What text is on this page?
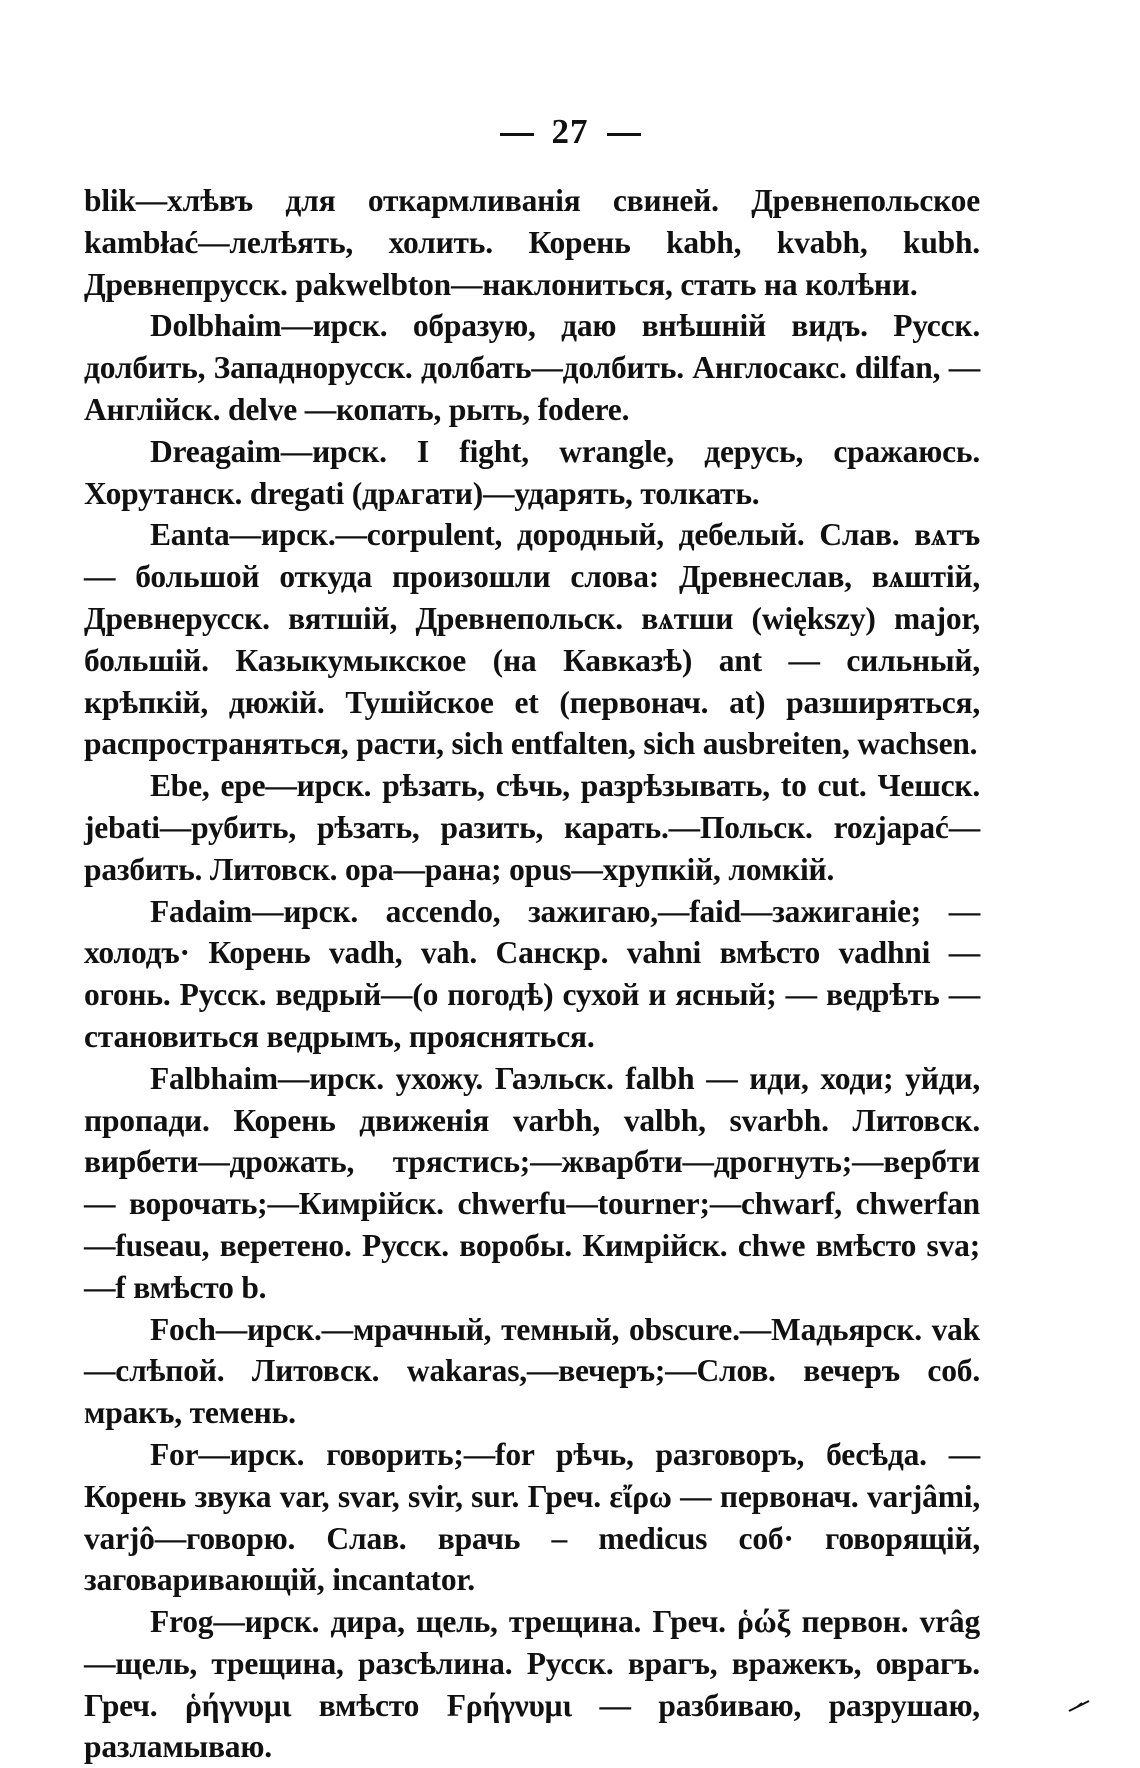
27

blik—хлѣвъ для откармливанія свиней. Древнепольское kambłać—лелѣять, холить. Корень kabh, kvabh, kubh. Древнепрусск. pakwelbton—наклониться, стать на колѣни.

Dolbhaim—ирск. образую, даю внѣшній видъ. Русск. долбить, Западнорусск. долбать—долбить. Англосакс. dilfan, — Англійск. delve —копать, рыть, fodere.

Dreagaim—ирск. I fight, wrangle, дерусь, сражаюсь. Хорутанск. dregati (дрѧгати)—ударять, толкать.

Eanta—ирск.—corpulent, дородный, дебелый. Слав. вѧтъ — большой откуда произошли слова: Древнеслав, вѧштій, Древнерусск. вятшій, Древнепольск. вѧтши (większy) major, большій. Казыкумыкское (на Кавказѣ) ant — сильный, крѣпкій, дюжій. Тушійское et (первонач. at) разширяться, распространяться, расти, sich entfalten, sich ausbreiten, wachsen.

Ebe, epe—ирск. рѣзать, сѣчь, разрѣзывать, to cut. Чешск. jebati—рубить, рѣзать, разить, карать.—Польск. rozjapać—разбить. Литовск. opa—рана; opus—хрупкій, ломкій.

Fadaim—ирск. accendo, зажигаю,—faid—зажиганіе; — холодъ· Корень vadh, vah. Санскр. vahni вмѣсто vadhni — огонь. Русск. ведрый—(о погодѣ) сухой и ясный; — ведрѣть — становиться ведрымъ, проясняться.

Falbhaim—ирск. ухожу. Гаэльск. falbh — иди, ходи; уйди, пропади. Корень движенія varbh, valbh, svarbh. Литовск. вирбети—дрожать, трястись;—жварбти—дрогнуть;—вербти — ворочать;—Кимрійск. chwerfu—tourner;—chwarf, chwerfan—fuseau, веретено. Русск. воробы. Кимрійск. chwe вмѣсто sva;—f вмѣсто b.

Foch—ирск.—мрачный, темный, obscure.—Мадьярск. vak—слѣпой. Литовск. wakaras,—вечеръ;—Слов. вечеръ соб. мракъ, темень.

For—ирск. говорить;—for рѣчь, разговоръ, бесѣда. — Корень звука var, svar, svir, sur. Греч. εἴρω — первонач. varjâmi, varjô—говорю. Слав. врачь – medicus соб· говорящій, заговаривающій, incantator.

Frog—ирск. дира, щель, трещина. Греч. ῥώξ первон. vrâg—щель, трещина, разсѣлина. Русск. врагъ, вражекъ, оврагъ. Греч. ῥήγνυμι вмѣсто Ϝρήγνυμι — разбиваю, разрушаю, разламываю.
